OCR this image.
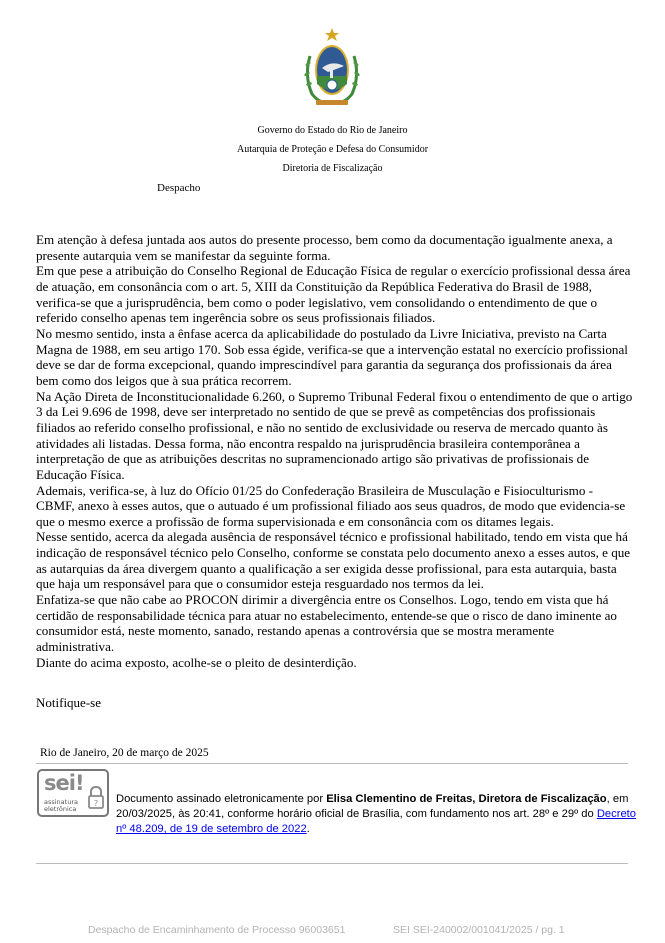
Governo do Estado do Rio de Janeiro
Autarquia de Proteção e Defesa do Consumidor
Diretoria de Fiscalização
Despacho

Em atenção à defesa juntada aos autos do presente processo, bem como da documentação igualmente anexa, a presente autarquia vem se manifestar da seguinte forma.

Em que pese a atribuição do Conselho Regional de Educação Física de regular o exercício profissional dessa área de atuação, em consonância com o art. 5, XIII da Constituição da República Federativa do Brasil de 1988, verifica-se que a jurisprudência, bem como o poder legislativo, vem consolidando o entendimento de que o referido conselho apenas tem ingerência sobre os seus profissionais filiados.

No mesmo sentido, insta a ênfase acerca da aplicabilidade do postulado da Livre Iniciativa, previsto na Carta Magna de 1988, em seu artigo 170. Sob essa égide, verifica-se que a intervenção estatal no exercício profissional deve se dar de forma excepcional, quando imprescindível para garantia da segurança dos profissionais da área bem como dos leigos que à sua prática recorrem.

Na Ação Direta de Inconstitucionalidade 6.260, o Supremo Tribunal Federal fixou o entendimento de que o artigo 3 da Lei 9.696 de 1998, deve ser interpretado no sentido de que se prevê as competências dos profissionais filiados ao referido conselho profissional, e não no sentido de exclusividade ou reserva de mercado quanto às atividades ali listadas. Dessa forma, não encontra respaldo na jurisprudência brasileira contemporânea a interpretação de que as atribuições descritas no supramencionado artigo são privativas de profissionais de Educação Física.

Ademais, verifica-se, à luz do Ofício 01/25 do Confederação Brasileira de Musculação e Fisioculturismo - CBMF, anexo à esses autos, que o autuado é um profissional filiado aos seus quadros, de modo que evidencia-se que o mesmo exerce a profissão de forma supervisionada e em consonância com os ditames legais.

Nesse sentido, acerca da alegada ausência de responsável técnico e profissional habilitado, tendo em vista que há indicação de responsável técnico pelo Conselho, conforme se constata pelo documento anexo a esses autos, e que as autarquias da área divergem quanto a qualificação a ser exigida desse profissional, para esta autarquia, basta que haja um responsável para que o consumidor esteja resguardado nos termos da lei.

Enfatiza-se que não cabe ao PROCON dirimir a divergência entre os Conselhos. Logo, tendo em vista que há certidão de responsabilidade técnica para atuar no estabelecimento, entende-se que o risco de dano iminente ao consumidor está, neste momento, sanado, restando apenas a controvérsia que se mostra meramente administrativa.

Diante do acima exposto, acolhe-se o pleito de desinterdição.

Notifique-se
Rio de Janeiro, 20 de março de 2025
sei!
assinatura
eletrônica
? Documento assinado eletronicamente por Elisa Clementino de Freitas, Diretora de Fiscalização, em 20/03/2025, às 20:41, conforme horário oficial de Brasília, com fundamento nos art. 28º e 29º do Decreto nº 48.209, de 19 de setembro de 2022.
Despacho de Encaminhamento de Processo 96003651	SEI SEI-240002/001041/2025 / pg. 1
